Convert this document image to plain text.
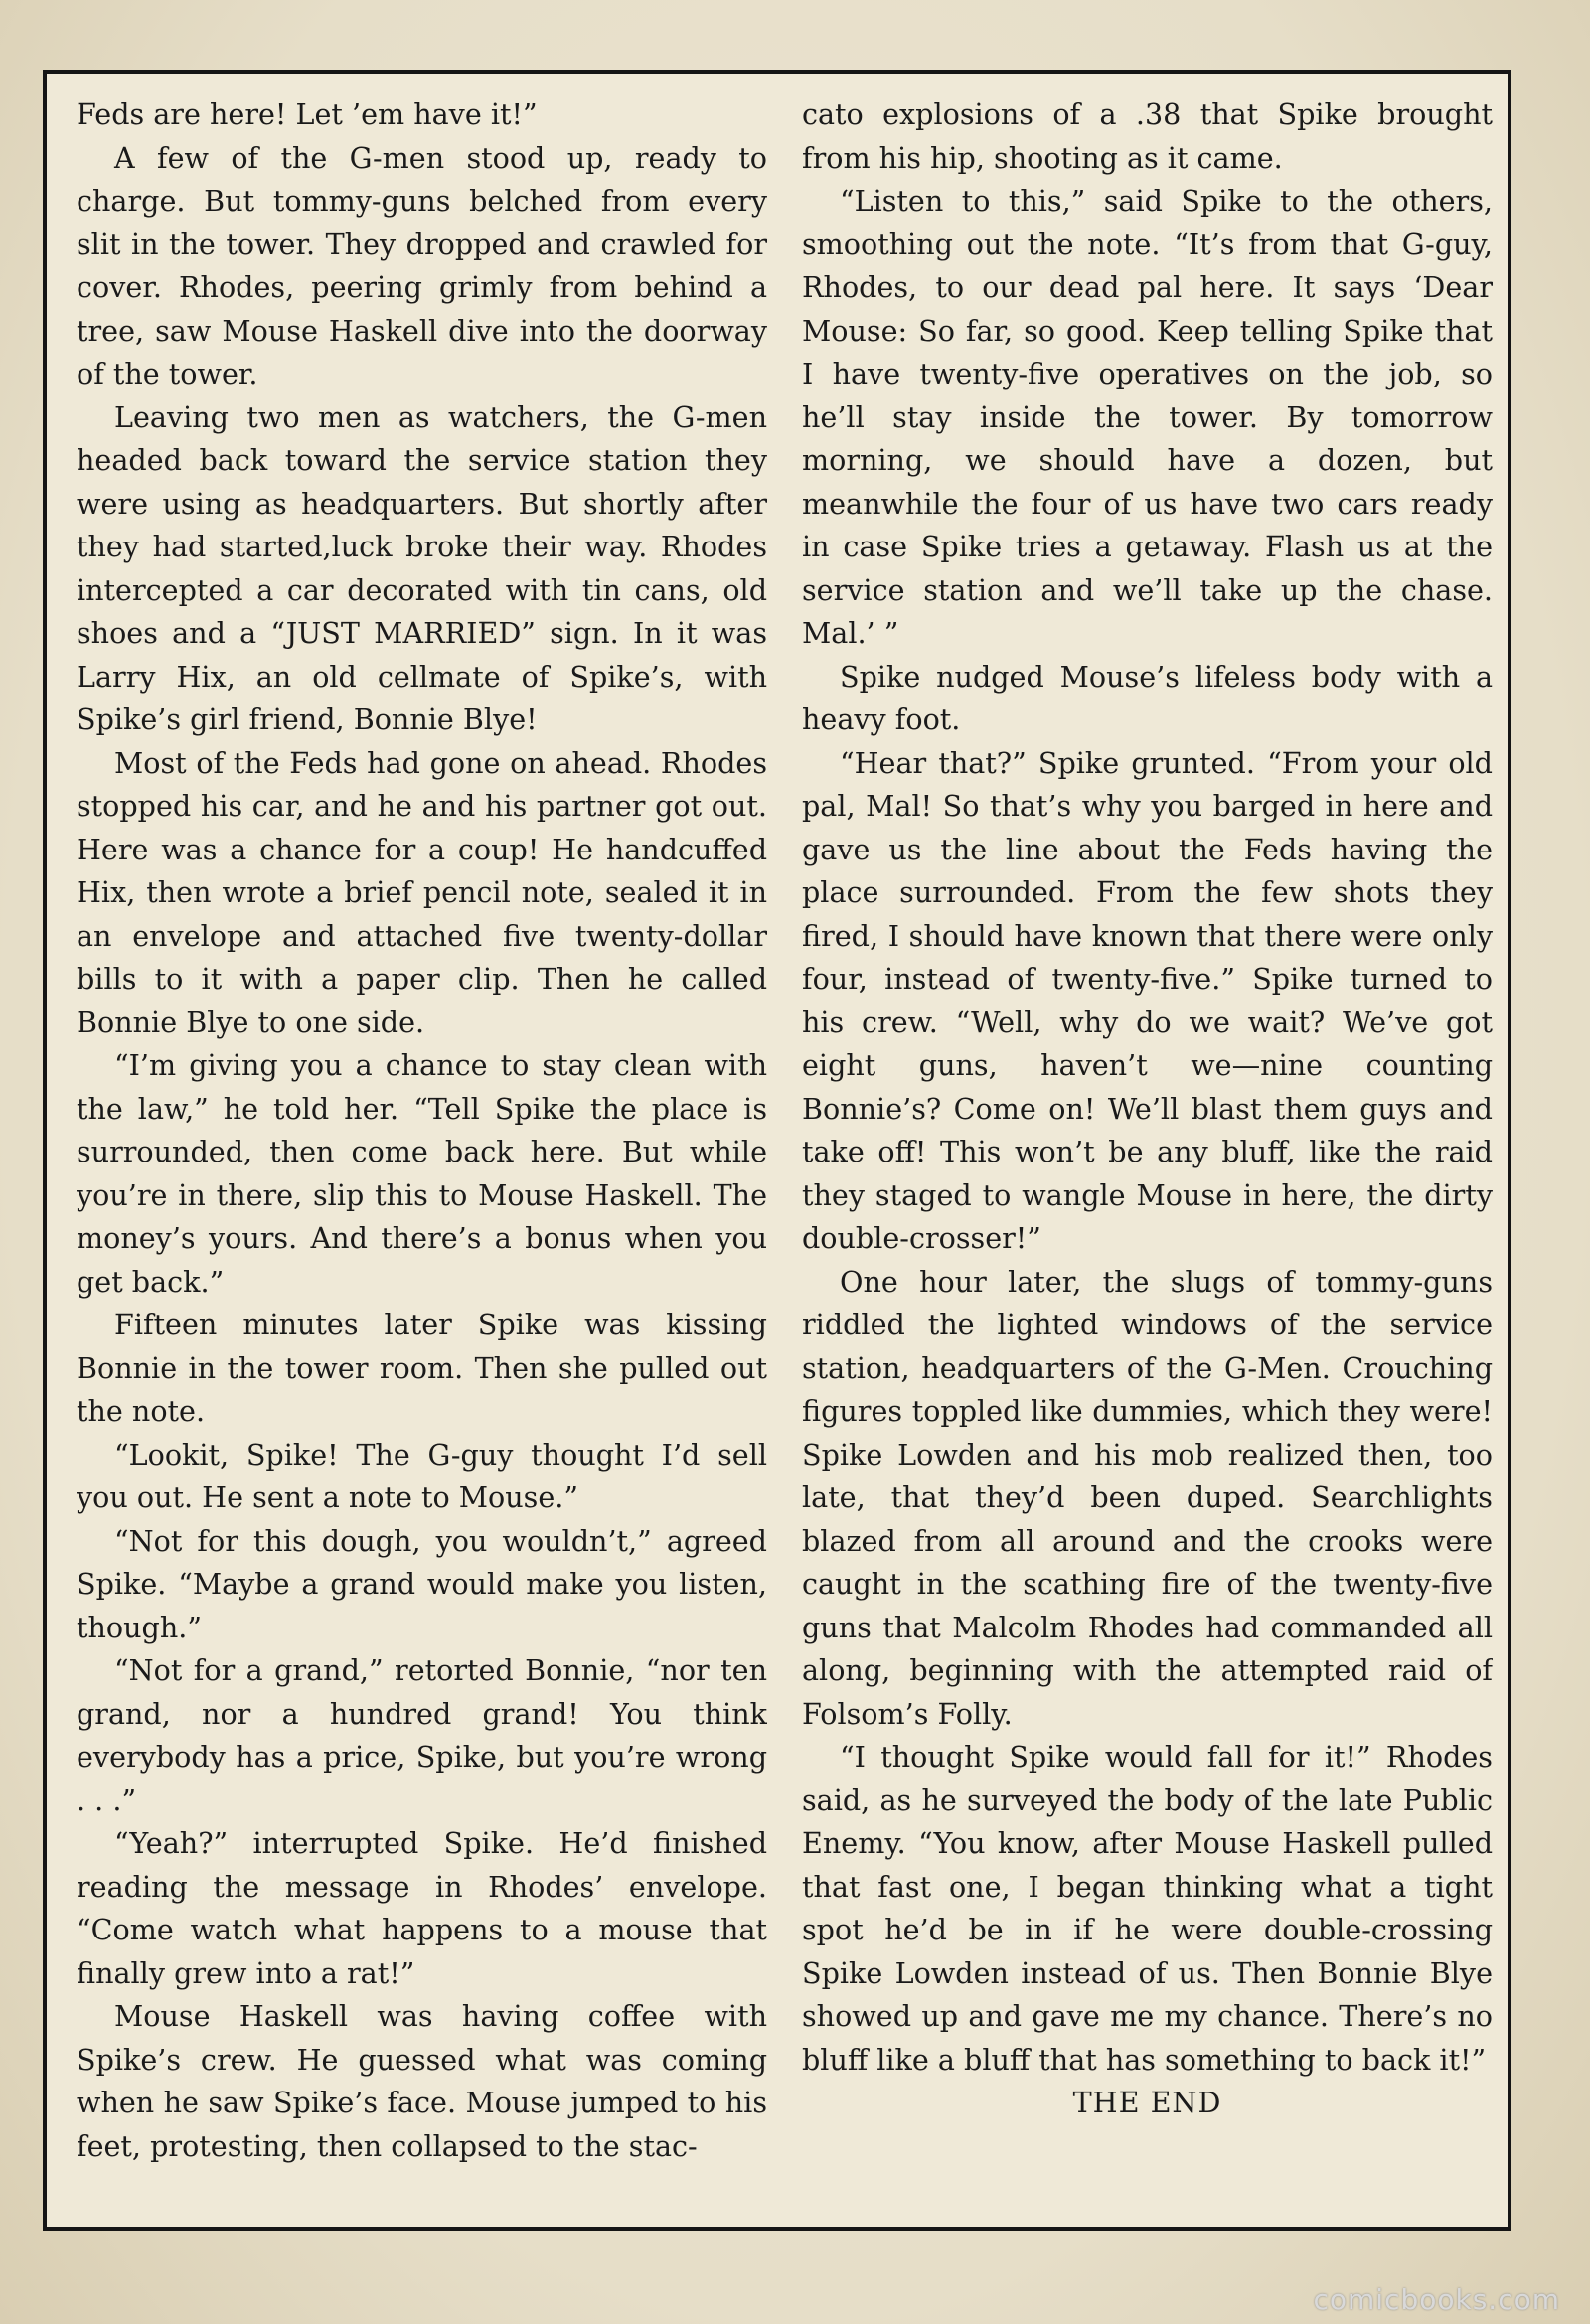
Feds are here! Let ’em have it!”

A few of the G-men stood up, ready to charge. But tommy-guns belched from every slit in the tower. They dropped and crawled for cover. Rhodes, peering grimly from behind a tree, saw Mouse Haskell dive into the doorway of the tower.

Leaving two men as watchers, the G-men headed back toward the service station they were using as headquarters. But shortly after they had started,luck broke their way. Rhodes intercepted a car decorated with tin cans, old shoes and a “JUST MARRIED” sign. In it was Larry Hix, an old cellmate of Spike’s, with Spike’s girl friend, Bonnie Blye!

Most of the Feds had gone on ahead. Rhodes stopped his car, and he and his partner got out. Here was a chance for a coup! He handcuffed Hix, then wrote a brief pencil note, sealed it in an envelope and attached five twenty-dollar bills to it with a paper clip. Then he called Bonnie Blye to one side.

“I’m giving you a chance to stay clean with the law,” he told her. “Tell Spike the place is surrounded, then come back here. But while you’re in there, slip this to Mouse Haskell. The money’s yours. And there’s a bonus when you get back.”

Fifteen minutes later Spike was kissing Bonnie in the tower room. Then she pulled out the note.

“Lookit, Spike! The G-guy thought I’d sell you out. He sent a note to Mouse.”

“Not for this dough, you wouldn’t,” agreed Spike. “Maybe a grand would make you listen, though.”

“Not for a grand,” retorted Bonnie, “nor ten grand, nor a hundred grand! You think everybody has a price, Spike, but you’re wrong . . .”

“Yeah?” interrupted Spike. He’d finished reading the message in Rhodes’ envelope. “Come watch what happens to a mouse that finally grew into a rat!”

Mouse Haskell was having coffee with Spike’s crew. He guessed what was coming when he saw Spike’s face. Mouse jumped to his feet, protesting, then collapsed to the stac-

cato explosions of a .38 that Spike brought from his hip, shooting as it came.

“Listen to this,” said Spike to the others, smoothing out the note. “It’s from that G-guy, Rhodes, to our dead pal here. It says ‘Dear Mouse: So far, so good. Keep telling Spike that I have twenty-five operatives on the job, so he’ll stay inside the tower. By tomorrow morning, we should have a dozen, but meanwhile the four of us have two cars ready in case Spike tries a getaway. Flash us at the service station and we’ll take up the chase. Mal.’ ”

Spike nudged Mouse’s lifeless body with a heavy foot.

“Hear that?” Spike grunted. “From your old pal, Mal! So that’s why you barged in here and gave us the line about the Feds having the place surrounded. From the few shots they fired, I should have known that there were only four, instead of twenty-five.” Spike turned to his crew. “Well, why do we wait? We’ve got eight guns, haven’t we—nine counting Bonnie’s? Come on! We’ll blast them guys and take off! This won’t be any bluff, like the raid they staged to wangle Mouse in here, the dirty double-crosser!”

One hour later, the slugs of tommy-guns riddled the lighted windows of the service station, headquarters of the G-Men. Crouching figures toppled like dummies, which they were! Spike Lowden and his mob realized then, too late, that they’d been duped. Searchlights blazed from all around and the crooks were caught in the scathing fire of the twenty-five guns that Malcolm Rhodes had commanded all along, beginning with the attempted raid of Folsom’s Folly.

“I thought Spike would fall for it!” Rhodes said, as he surveyed the body of the late Public Enemy. “You know, after Mouse Haskell pulled that fast one, I began thinking what a tight spot he’d be in if he were double-crossing Spike Lowden instead of us. Then Bonnie Blye showed up and gave me my chance. There’s no bluff like a bluff that has something to back it!”

THE END

comicbooks.com
